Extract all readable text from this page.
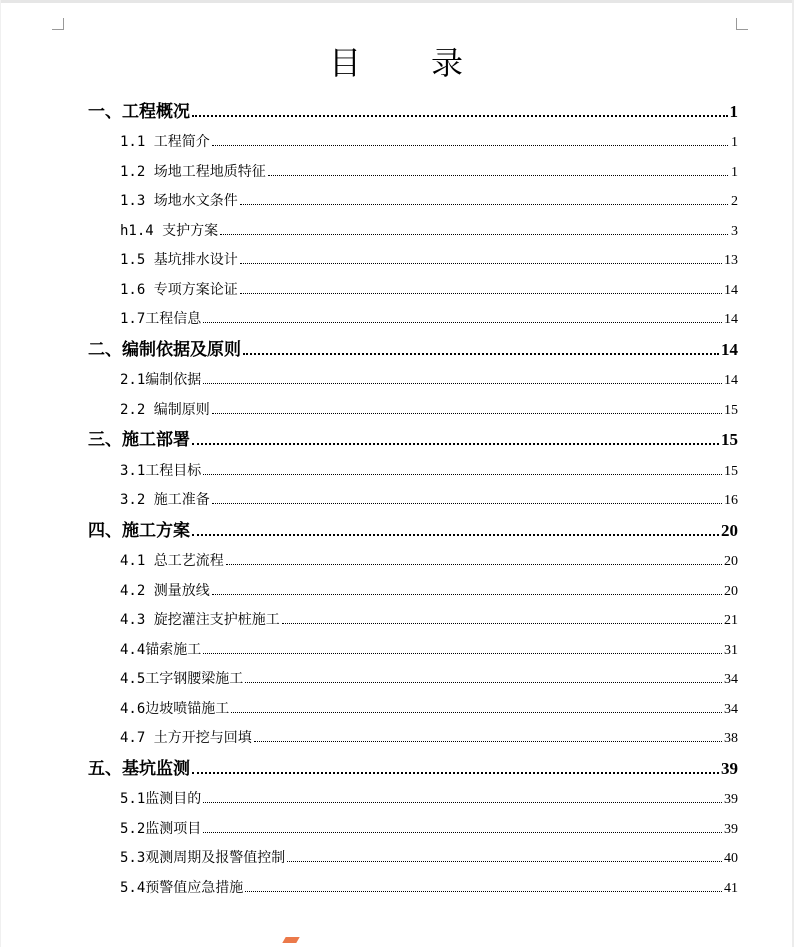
目 录
一、工程概况	1
1.1 工程简介	1
1.2 场地工程地质特征	1
1.3 场地水文条件	2
h1.4 支护方案	3
1.5 基坑排水设计	13
1.6 专项方案论证	14
1.7工程信息	14
二、编制依据及原则	14
2.1编制依据	14
2.2 编制原则	15
三、施工部署	15
3.1工程目标	15
3.2 施工准备	16
四、施工方案	20
4.1 总工艺流程	20
4.2 测量放线	20
4.3 旋挖灌注支护桩施工	21
4.4锚索施工	31
4.5工字钢腰梁施工	34
4.6边坡喷锚施工	34
4.7 土方开挖与回填	38
五、基坑监测	39
5.1监测目的	39
5.2监测项目	39
5.3观测周期及报警值控制	40
5.4预警值应急措施	41
